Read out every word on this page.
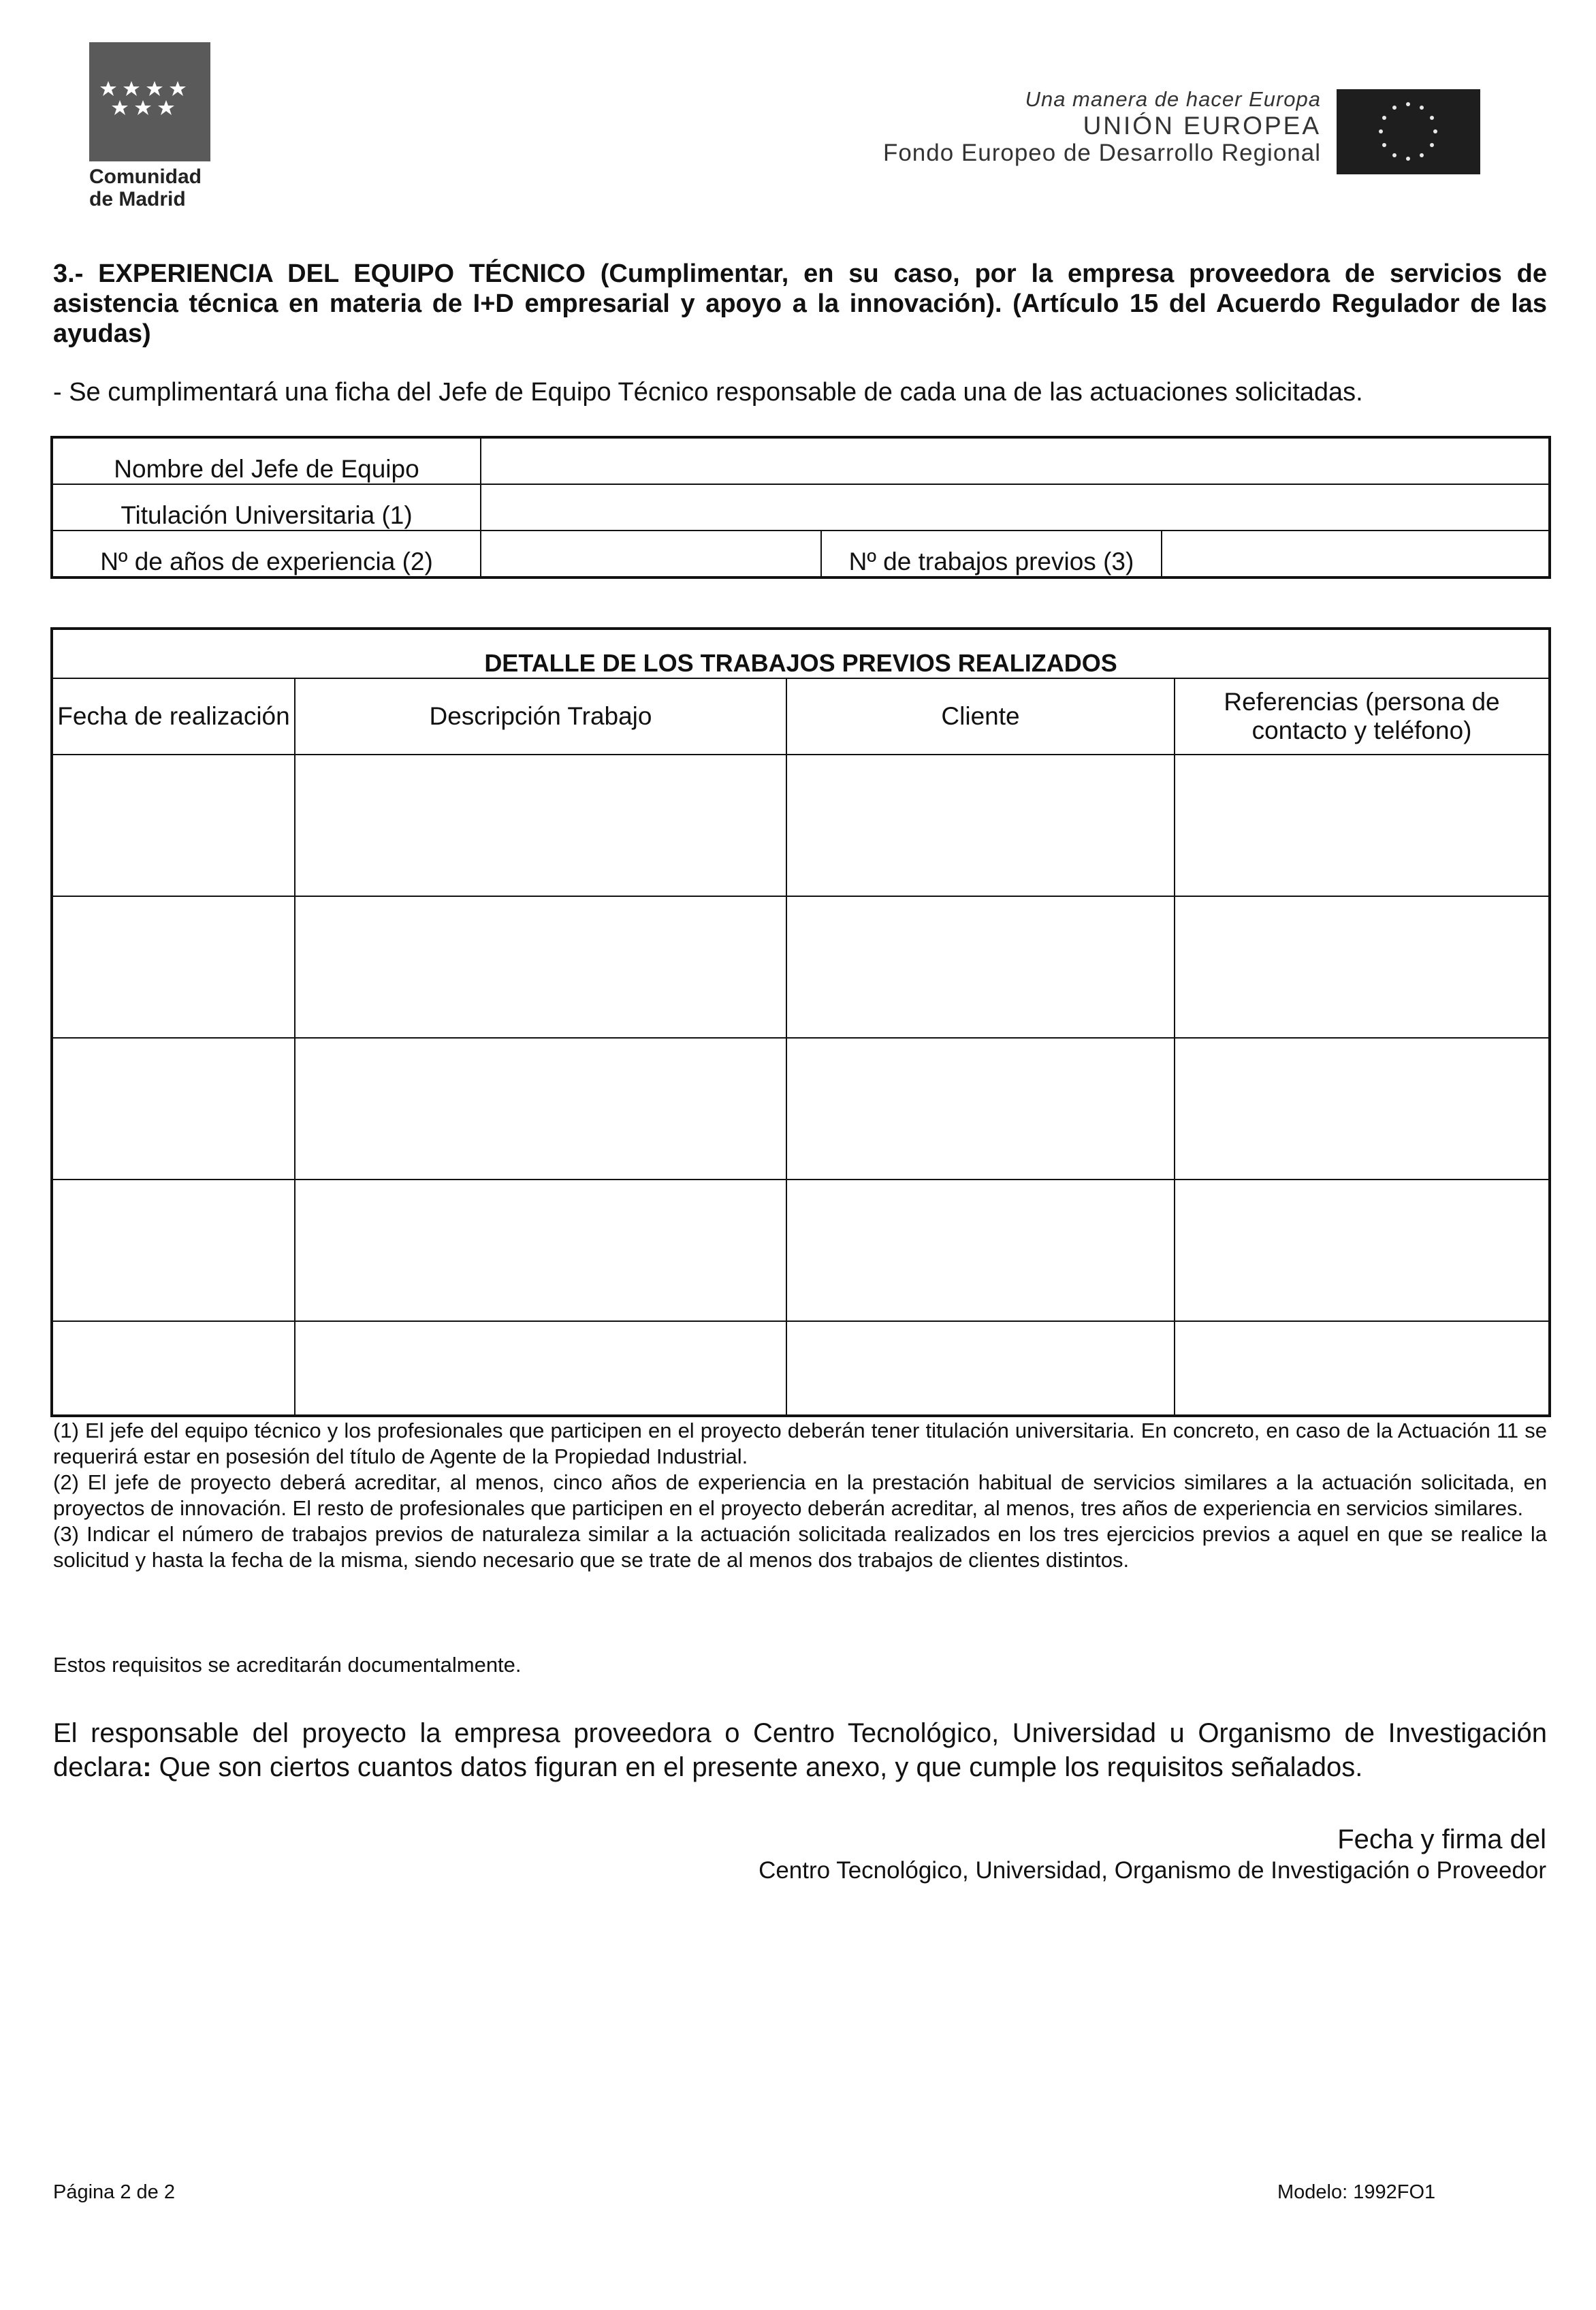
Comunidad de Madrid
Una manera de hacer Europa
UNIÓN EUROPEA
Fondo Europeo de Desarrollo Regional
3.- EXPERIENCIA DEL EQUIPO TÉCNICO (Cumplimentar, en su caso, por la empresa proveedora de servicios de asistencia técnica en materia de I+D empresarial y apoyo a la innovación). (Artículo 15 del Acuerdo Regulador de las ayudas)
- Se cumplimentará una ficha del Jefe de Equipo Técnico responsable de cada una de las actuaciones solicitadas.
Nombre del Jefe de Equipo			
Titulación Universitaria (1)			
Nº de años de experiencia (2)		Nº de trabajos previos (3)	
DETALLE DE LOS TRABAJOS PREVIOS REALIZADOS			
Fecha de realización	Descripción Trabajo	Cliente	Referencias (persona de contacto y teléfono)

(1) El jefe del equipo técnico y los profesionales que participen en el proyecto deberán tener titulación universitaria. En concreto, en caso de la Actuación 11 se requerirá estar en posesión del título de Agente de la Propiedad Industrial.

(2) El jefe de proyecto deberá acreditar, al menos, cinco años de experiencia en la prestación habitual de servicios similares a la actuación solicitada, en proyectos de innovación. El resto de profesionales que participen en el proyecto deberán acreditar, al menos, tres años de experiencia en servicios similares.

(3) Indicar el número de trabajos previos de naturaleza similar a la actuación solicitada realizados en los tres ejercicios previos a aquel en que se realice la solicitud y hasta la fecha de la misma, siendo necesario que se trate de al menos dos trabajos de clientes distintos.

Estos requisitos se acreditarán documentalmente.
El responsable del proyecto la empresa proveedora o Centro Tecnológico, Universidad u Organismo de Investigación declara: Que son ciertos cuantos datos figuran en el presente anexo, y que cumple los requisitos señalados.
Fecha y firma del
Centro Tecnológico, Universidad, Organismo de Investigación o Proveedor
Página 2 de 2	Modelo: 1992FO1
